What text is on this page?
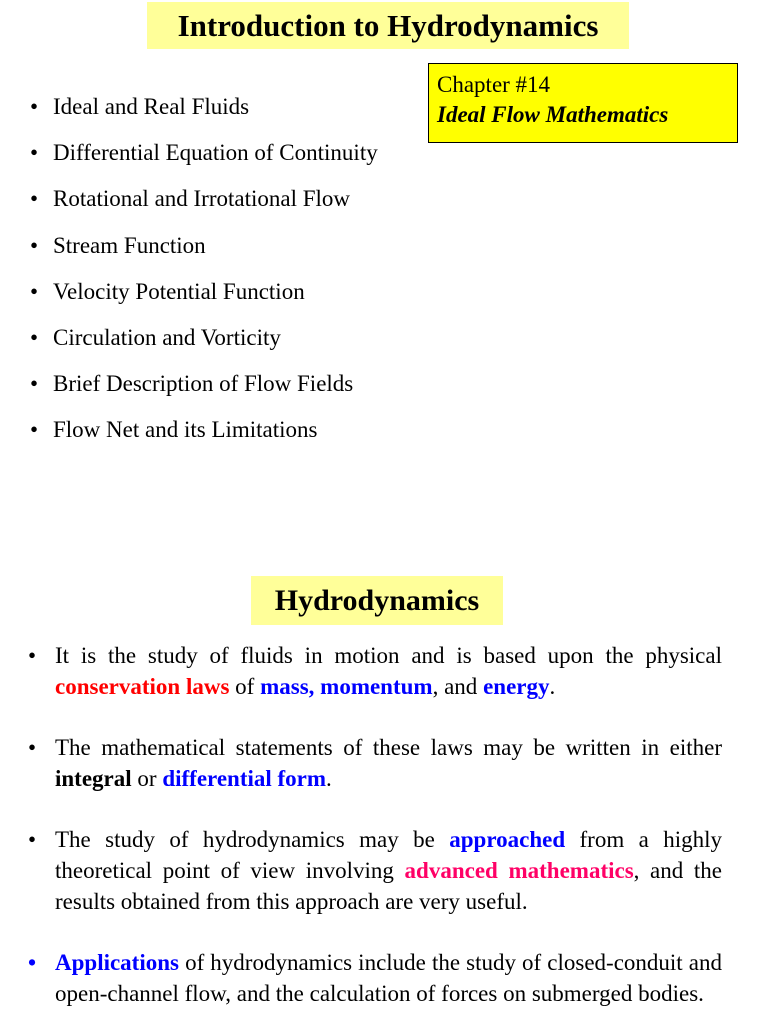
Introduction to Hydrodynamics
Chapter #14
Ideal Flow Mathematics
• Ideal and Real Fluids
• Differential Equation of Continuity
• Rotational and Irrotational Flow
• Stream Function
• Velocity Potential Function
• Circulation and Vorticity
• Brief Description of Flow Fields
• Flow Net and its Limitations
Hydrodynamics
• It is the study of fluids in motion and is based upon the physical conservation laws of mass, momentum, and energy.
• The mathematical statements of these laws may be written in either integral or differential form.
• The study of hydrodynamics may be approached from a highly theoretical point of view involving advanced mathematics, and the results obtained from this approach are very useful.
• Applications of hydrodynamics include the study of closed-conduit and open-channel flow, and the calculation of forces on submerged bodies.
